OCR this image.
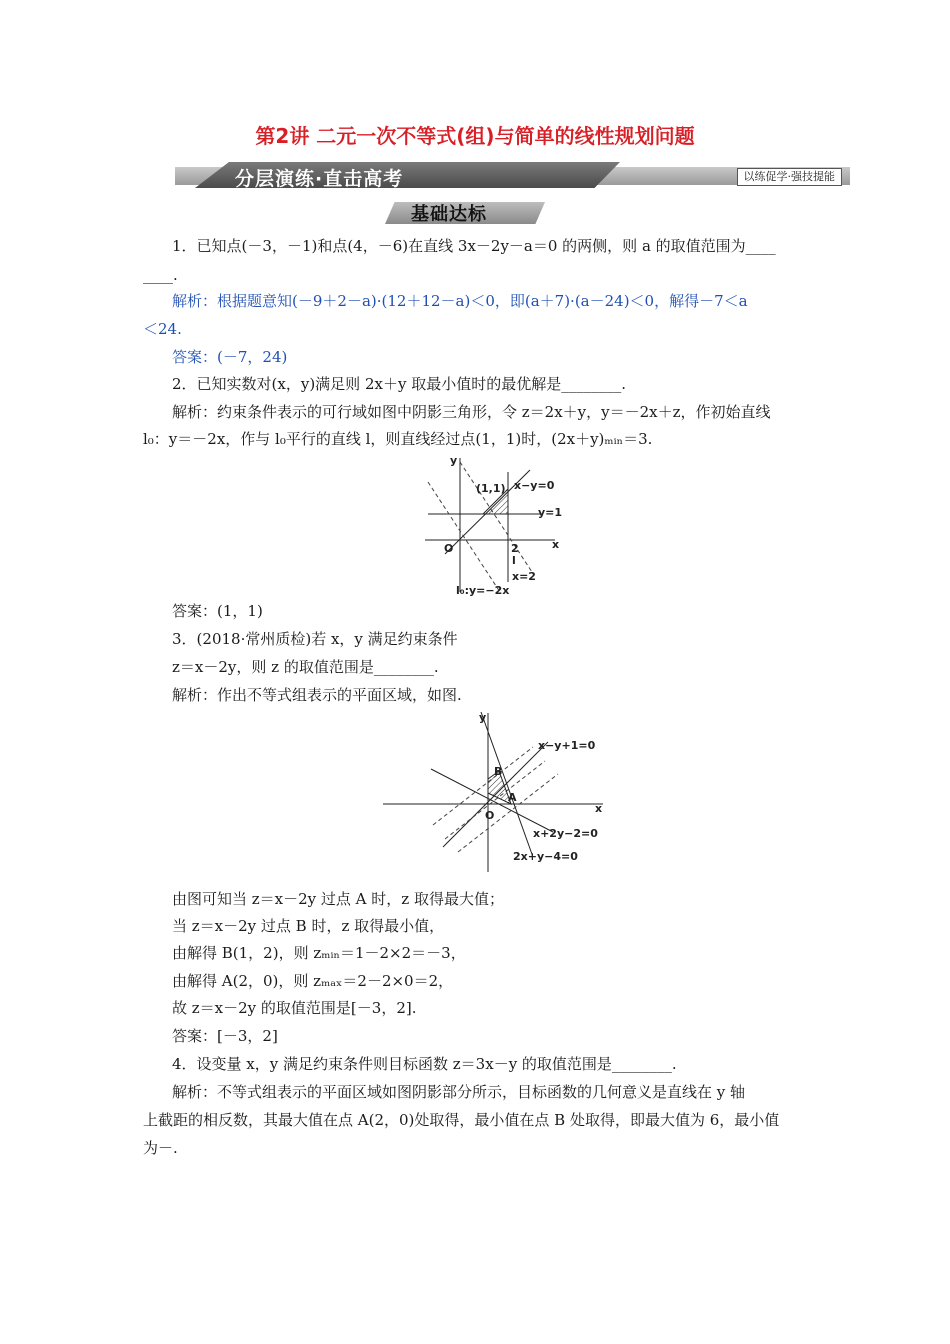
第2讲 二元一次不等式(组)与简单的线性规划问题
分层演练·直击高考	以练促学·强技提能
基础达标
1．已知点(－3，－1)和点(4，－6)在直线 3x－2y－a＝0 的两侧，则 a 的取值范围为____
____.
解析：根据题意知(－9＋2－a)·(12＋12－a)＜0，即(a＋7)·(a－24)＜0，解得－7＜a
＜24.
答案：(－7，24)
2．已知实数对(x，y)满足则 2x＋y 取最小值时的最优解是________.
解析：约束条件表示的可行域如图中阴影三角形，令 z＝2x＋y，y＝－2x＋z，作初始直线
l₀：y＝－2x，作与 l₀平行的直线 l，则直线经过点(1，1)时，(2x＋y)ₘᵢₙ＝3.
y
x
O
(1,1) x−y=0
y=1
2
l
x=2
l₀:y=−2x
答案：(1，1)
3．(2018·常州质检)若 x，y 满足约束条件
z＝x－2y，则 z 的取值范围是________.
解析：作出不等式组表示的平面区域，如图.
y
x
O
B
A
x−y+1=0
x+2y−2=0
2x+y−4=0
由图可知当 z＝x－2y 过点 A 时，z 取得最大值；
当 z＝x－2y 过点 B 时，z 取得最小值，
由解得 B(1，2)，则 zₘᵢₙ＝1－2×2＝－3，
由解得 A(2，0)，则 zₘₐₓ＝2－2×0＝2，
故 z＝x－2y 的取值范围是[－3，2].
答案：[－3，2]
4．设变量 x，y 满足约束条件则目标函数 z＝3x－y 的取值范围是________.
解析：不等式组表示的平面区域如图阴影部分所示，目标函数的几何意义是直线在 y 轴
上截距的相反数，其最大值在点 A(2，0)处取得，最小值在点 B 处取得，即最大值为 6，最小值
为－.
